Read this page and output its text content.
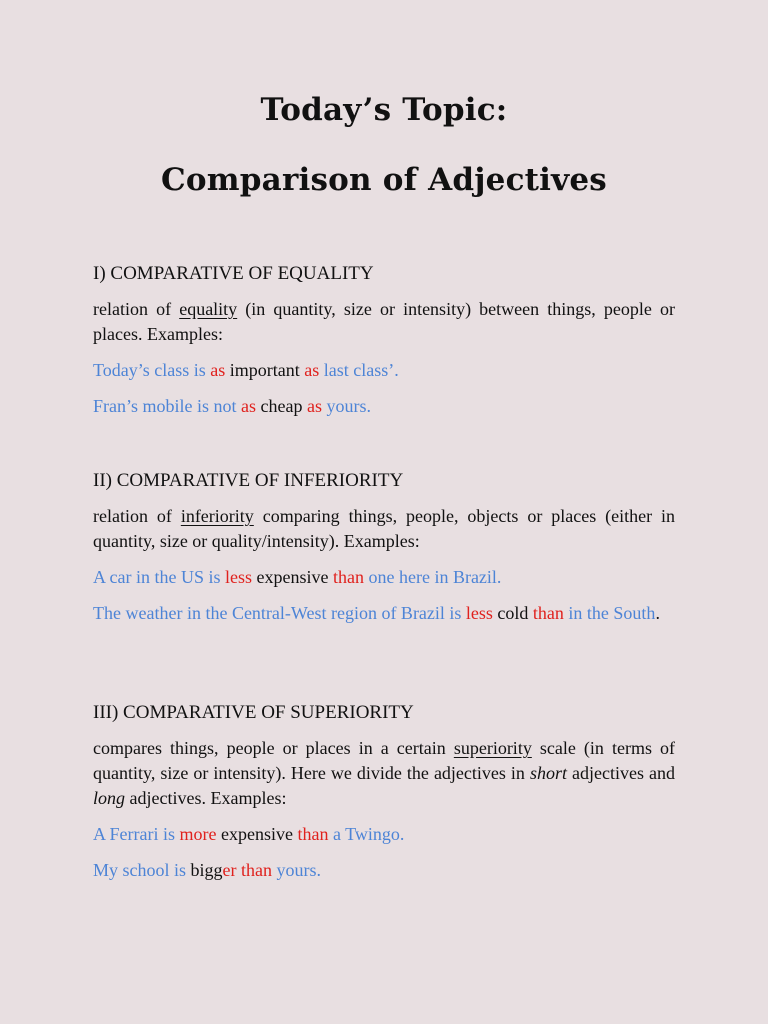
Today’s Topic:
Comparison of Adjectives

I) COMPARATIVE OF EQUALITY

relation of equality (in quantity, size or intensity) between things, people or places. Examples:

Today’s class is as important as last class’.

Fran’s mobile is not as cheap as yours.

II) COMPARATIVE OF INFERIORITY

relation of inferiority comparing things, people, objects or places (either in quantity, size or quality/intensity). Examples:

A car in the US is less expensive than one here in Brazil.

The weather in the Central-West region of Brazil is less cold than in the South.

III) COMPARATIVE OF SUPERIORITY

compares things, people or places in a certain superiority scale (in terms of quantity, size or intensity). Here we divide the adjectives in short adjectives and long adjectives. Examples:

A Ferrari is more expensive than a Twingo.

My school is bigger than yours.
